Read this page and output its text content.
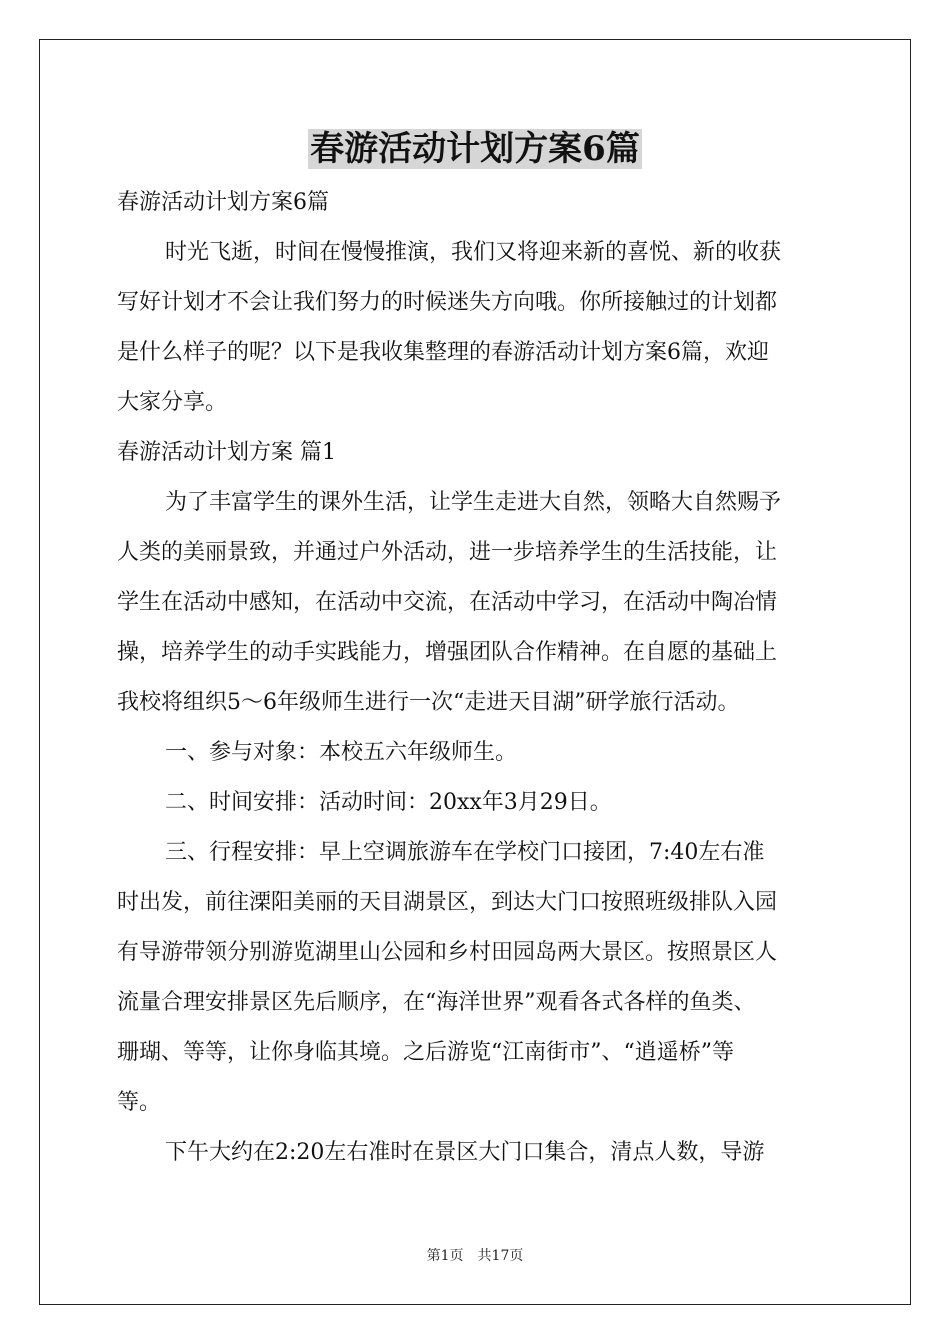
春游活动计划方案6篇
春游活动计划方案6篇
时光飞逝，时间在慢慢推演，我们又将迎来新的喜悦、新的收获
写好计划才不会让我们努力的时候迷失方向哦。你所接触过的计划都
是什么样子的呢？以下是我收集整理的春游活动计划方案6篇，欢迎
大家分享。
春游活动计划方案 篇1
为了丰富学生的课外生活，让学生走进大自然，领略大自然赐予
人类的美丽景致，并通过户外活动，进一步培养学生的生活技能，让
学生在活动中感知，在活动中交流，在活动中学习，在活动中陶冶情
操，培养学生的动手实践能力，增强团队合作精神。在自愿的基础上
我校将组织5～6年级师生进行一次“走进天目湖”研学旅行活动。
一、参与对象：本校五六年级师生。
二、时间安排：活动时间：20xx年3月29日。
三、行程安排：早上空调旅游车在学校门口接团，7:40左右准
时出发，前往溧阳美丽的天目湖景区，到达大门口按照班级排队入园
有导游带领分别游览湖里山公园和乡村田园岛两大景区。按照景区人
流量合理安排景区先后顺序，在“海洋世界”观看各式各样的鱼类、
珊瑚、等等，让你身临其境。之后游览“江南街市”、“逍遥桥”等
等。
下午大约在2:20左右准时在景区大门口集合，清点人数，导游
第1页 共17页
